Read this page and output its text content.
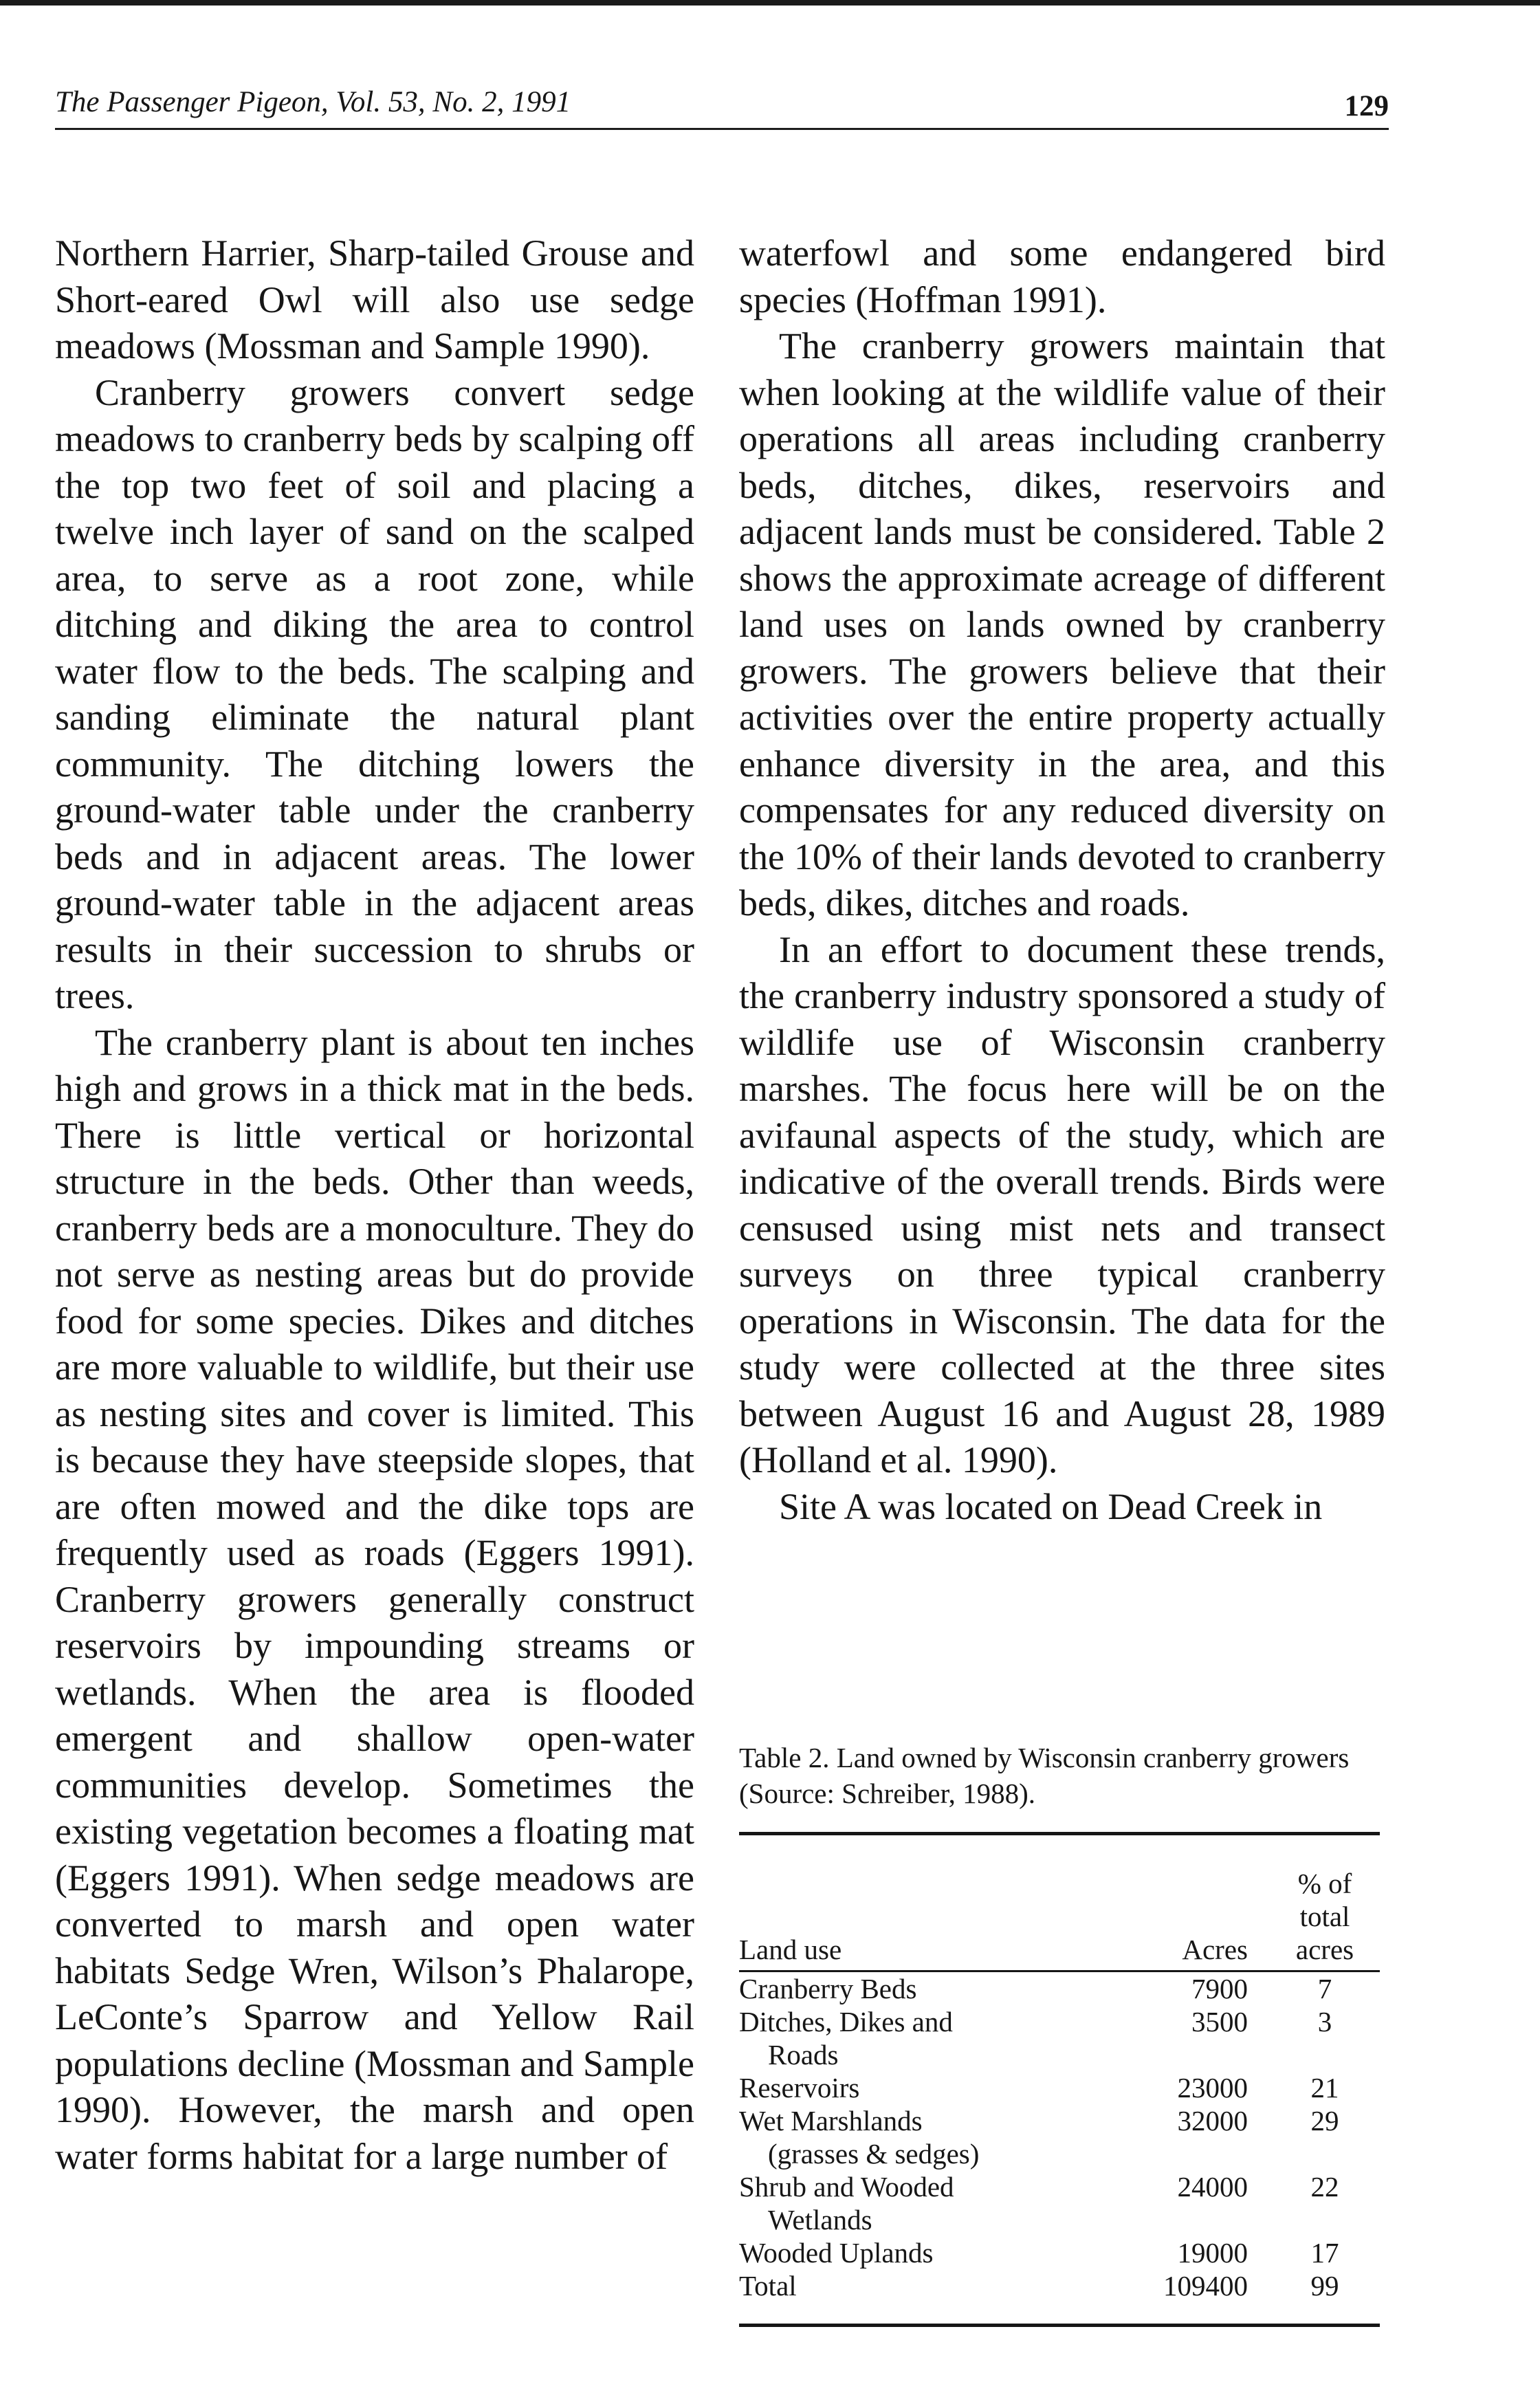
The Passenger Pigeon, Vol. 53, No. 2, 1991	129

Northern Harrier, Sharp-tailed Grouse and Short-eared Owl will also use sedge meadows (Mossman and Sample 1990).

Cranberry growers convert sedge meadows to cranberry beds by scalping off the top two feet of soil and placing a twelve inch layer of sand on the scalped area, to serve as a root zone, while ditching and diking the area to control water flow to the beds. The scalping and sanding eliminate the natural plant community. The ditching lowers the ground-water table under the cranberry beds and in adjacent areas. The lower ground-water table in the adjacent areas results in their succession to shrubs or trees.

The cranberry plant is about ten inches high and grows in a thick mat in the beds. There is little vertical or horizontal structure in the beds. Other than weeds, cranberry beds are a monoculture. They do not serve as nesting areas but do provide food for some species. Dikes and ditches are more valuable to wildlife, but their use as nesting sites and cover is limited. This is because they have steepside slopes, that are often mowed and the dike tops are frequently used as roads (Eggers 1991). Cranberry growers generally construct reservoirs by impounding streams or wetlands. When the area is flooded emergent and shallow open-water communities develop. Sometimes the existing vegetation becomes a floating mat (Eggers 1991). When sedge meadows are converted to marsh and open water habitats Sedge Wren, Wilson’s Phalarope, LeConte’s Sparrow and Yellow Rail populations decline (Mossman and Sample 1990). However, the marsh and open water forms habitat for a large number of

waterfowl and some endangered bird species (Hoffman 1991).

The cranberry growers maintain that when looking at the wildlife value of their operations all areas including cranberry beds, ditches, dikes, reservoirs and adjacent lands must be considered. Table 2 shows the approximate acreage of different land uses on lands owned by cranberry growers. The growers believe that their activities over the entire property actually enhance diversity in the area, and this compensates for any reduced diversity on the 10% of their lands devoted to cranberry beds, dikes, ditches and roads.

In an effort to document these trends, the cranberry industry sponsored a study of wildlife use of Wisconsin cranberry marshes. The focus here will be on the avifaunal aspects of the study, which are indicative of the overall trends. Birds were censused using mist nets and transect surveys on three typical cranberry operations in Wisconsin. The data for the study were collected at the three sites between August 16 and August 28, 1989 (Holland et al. 1990).

Site A was located on Dead Creek in

Table 2. Land owned by Wisconsin cranberry growers (Source: Schreiber, 1988).

Land use	Acres	% of total
acres
Cranberry Beds	7900	7
Ditches, Dikes and
Roads	3500	3
Reservoirs	23000	21
Wet Marshlands
(grasses & sedges)	32000	29
Shrub and Wooded
Wetlands	24000	22
Wooded Uplands	19000	17
Total	109400	99
